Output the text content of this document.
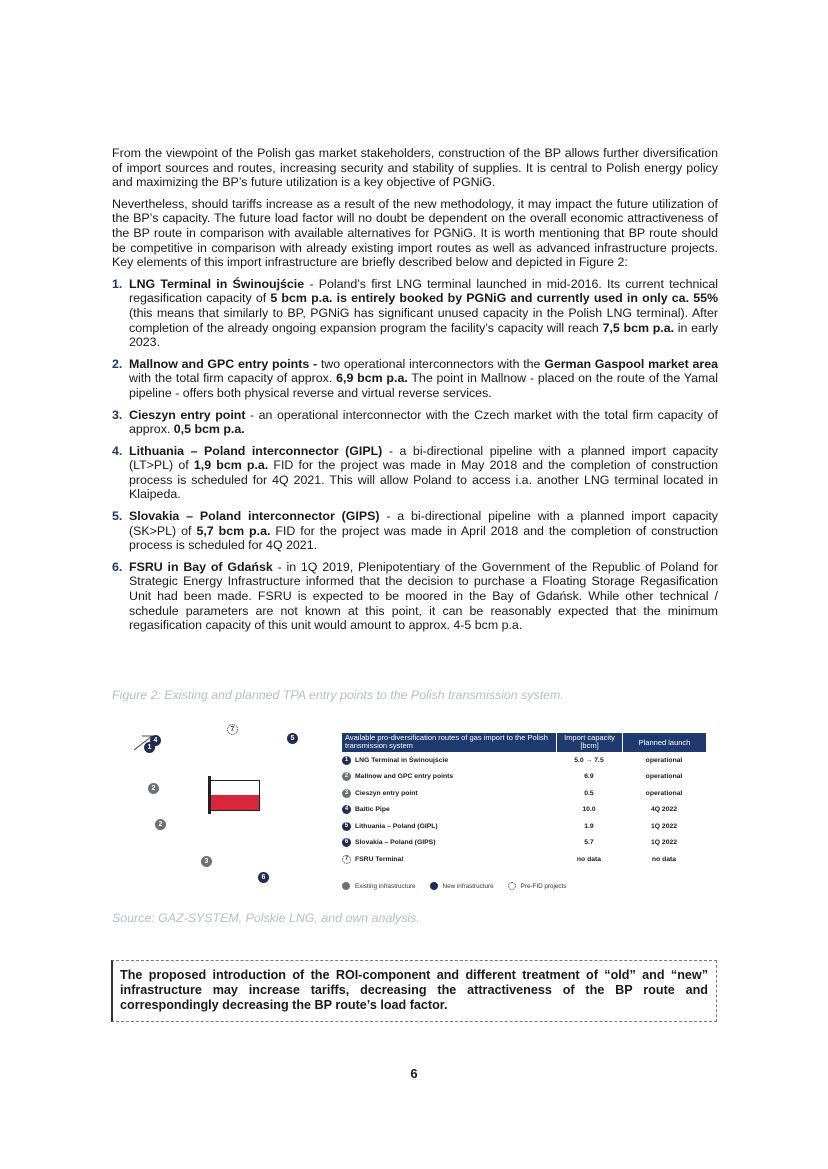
From the viewpoint of the Polish gas market stakeholders, construction of the BP allows further diversification of import sources and routes, increasing security and stability of supplies. It is central to Polish energy policy and maximizing the BP’s future utilization is a key objective of PGNiG.

Nevertheless, should tariffs increase as a result of the new methodology, it may impact the future utilization of the BP’s capacity. The future load factor will no doubt be dependent on the overall economic attractiveness of the BP route in comparison with available alternatives for PGNiG. It is worth mentioning that BP route should be competitive in comparison with already existing import routes as well as advanced infrastructure projects. Key elements of this import infrastructure are briefly described below and depicted in Figure 2:

1. LNG Terminal in Świnoujście - Poland’s first LNG terminal launched in mid-2016. Its current technical regasification capacity of 5 bcm p.a. is entirely booked by PGNiG and currently used in only ca. 55% (this means that similarly to BP, PGNiG has significant unused capacity in the Polish LNG terminal). After completion of the already ongoing expansion program the facility’s capacity will reach 7,5 bcm p.a. in early 2023.
2. Mallnow and GPC entry points - two operational interconnectors with the German Gaspool market area with the total firm capacity of approx. 6,9 bcm p.a. The point in Mallnow - placed on the route of the Yamal pipeline - offers both physical reverse and virtual reverse services.
3. Cieszyn entry point - an operational interconnector with the Czech market with the total firm capacity of approx. 0,5 bcm p.a.
4. Lithuania – Poland interconnector (GIPL) - a bi-directional pipeline with a planned import capacity (LT>PL) of 1,9 bcm p.a. FID for the project was made in May 2018 and the completion of construction process is scheduled for 4Q 2021. This will allow Poland to access i.a. another LNG terminal located in Klaipeda.
5. Slovakia – Poland interconnector (GIPS) - a bi-directional pipeline with a planned import capacity (SK>PL) of 5,7 bcm p.a. FID for the project was made in April 2018 and the completion of construction process is scheduled for 4Q 2021.
6. FSRU in Bay of Gdańsk - in 1Q 2019, Plenipotentiary of the Government of the Republic of Poland for Strategic Energy Infrastructure informed that the decision to purchase a Floating Storage Regasification Unit had been made. FSRU is expected to be moored in the Bay of Gdańsk. While other technical / schedule parameters are not known at this point, it can be reasonably expected that the minimum regasification capacity of this unit would amount to approx. 4-5 bcm p.a.
Figure 2: Existing and planned TPA entry points to the Polish transmission system.
4
1
7
5
2
2
3
6
Available pro-diversification routes of gas import to the Polish transmission system
Import capacity [bcm]	Planned launch
1	LNG Terminal in Świnoujście	5.0 → 7.5	operational
2	Mallnow and GPC entry points	6.9	operational
3	Cieszyn entry point	0.5	operational
4	Baltic Pipe	10.0	4Q 2022
5	Lithuania – Poland (GIPL)	1.9	1Q 2022
6	Slovakia – Poland (GIPS)	5.7	1Q 2022
7	FSRU Terminal	no data	no data
Existing infrastructure	New infrastructure	Pre-FID projects
Source: GAZ-SYSTEM, Polskie LNG, and own analysis.
The proposed introduction of the ROI-component and different treatment of “old” and “new” infrastructure may increase tariffs, decreasing the attractiveness of the BP route and correspondingly decreasing the BP route’s load factor.
6
